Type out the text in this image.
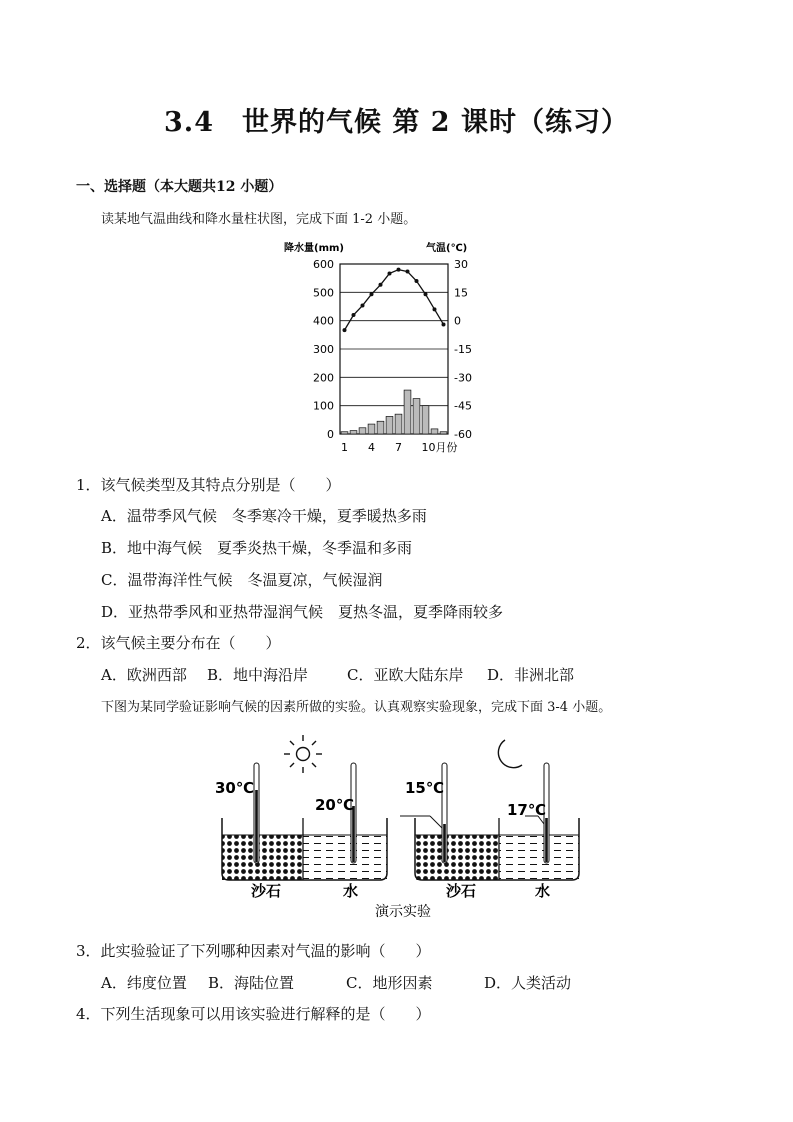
3.4　世界的气候 第 2 课时（练习）
一、选择题（本大题共12 小题）
读某地气温曲线和降水量柱状图，完成下面 1-2 小题。
降水量(mm)	气温(℃)
0
100
200
300
400
500
600	30
15
0
-15
-30
-45
-60
1 4 7 10月份
1．该气候类型及其特点分别是（　　）
A．温带季风气候　冬季寒冷干燥，夏季暖热多雨
B．地中海气候　夏季炎热干燥，冬季温和多雨
C．温带海洋性气候　冬温夏凉，气候湿润
D．亚热带季风和亚热带湿润气候　夏热冬温，夏季降雨较多
2．该气候主要分布在（　　）
A．欧洲西部 B．地中海沿岸	C．亚欧大陆东岸 D．非洲北部
下图为某同学验证影响气候的因素所做的实验。认真观察实验现象，完成下面 3-4 小题。
30℃
20℃
15℃
17℃
沙石	水	沙石	水
演示实验
3．此实验验证了下列哪种因素对气温的影响（　　）
A．纬度位置 B．海陆位置	C．地形因素	D．人类活动
4．下列生活现象可以用该实验进行解释的是（　　）
